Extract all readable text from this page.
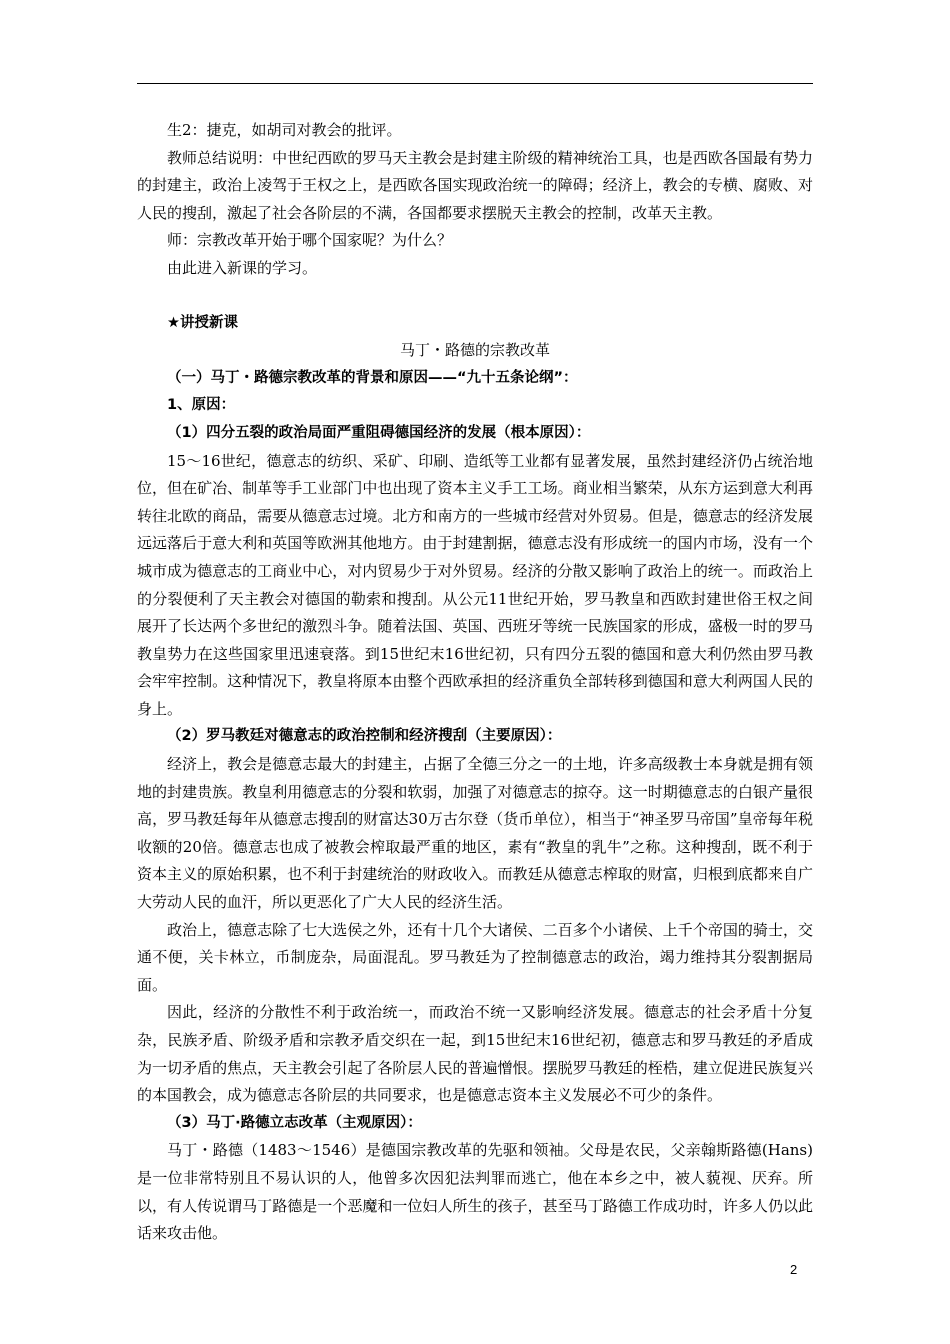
生2：捷克，如胡司对教会的批评。

教师总结说明：中世纪西欧的罗马天主教会是封建主阶级的精神统治工具，也是西欧各国最有势力的封建主，政治上凌驾于王权之上，是西欧各国实现政治统一的障碍；经济上，教会的专横、腐败、对人民的搜刮，激起了社会各阶层的不满，各国都要求摆脱天主教会的控制，改革天主教。

师：宗教改革开始于哪个国家呢？为什么？

由此进入新课的学习。

★讲授新课

马丁・路德的宗教改革

（一）马丁・路德宗教改革的背景和原因——“九十五条论纲”：

1、原因：

（1）四分五裂的政治局面严重阻碍德国经济的发展（根本原因）：

15～16世纪，德意志的纺织、采矿、印刷、造纸等工业都有显著发展，虽然封建经济仍占统治地位，但在矿冶、制革等手工业部门中也出现了资本主义手工工场。商业相当繁荣，从东方运到意大利再转往北欧的商品，需要从德意志过境。北方和南方的一些城市经营对外贸易。但是，德意志的经济发展远远落后于意大利和英国等欧洲其他地方。由于封建割据，德意志没有形成统一的国内市场，没有一个城市成为德意志的工商业中心，对内贸易少于对外贸易。经济的分散又影响了政治上的统一。而政治上的分裂便利了天主教会对德国的勒索和搜刮。从公元11世纪开始，罗马教皇和西欧封建世俗王权之间展开了长达两个多世纪的激烈斗争。随着法国、英国、西班牙等统一民族国家的形成，盛极一时的罗马教皇势力在这些国家里迅速衰落。到15世纪末16世纪初，只有四分五裂的德国和意大利仍然由罗马教会牢牢控制。这种情况下，教皇将原本由整个西欧承担的经济重负全部转移到德国和意大利两国人民的身上。

（2）罗马教廷对德意志的政治控制和经济搜刮（主要原因）：

经济上，教会是德意志最大的封建主，占据了全德三分之一的土地，许多高级教士本身就是拥有领地的封建贵族。教皇利用德意志的分裂和软弱，加强了对德意志的掠夺。这一时期德意志的白银产量很高，罗马教廷每年从德意志搜刮的财富达30万古尔登（货币单位），相当于“神圣罗马帝国”皇帝每年税收额的20倍。德意志也成了被教会榨取最严重的地区，素有“教皇的乳牛”之称。这种搜刮，既不利于资本主义的原始积累，也不利于封建统治的财政收入。而教廷从德意志榨取的财富，归根到底都来自广大劳动人民的血汗，所以更恶化了广大人民的经济生活。

政治上，德意志除了七大选侯之外，还有十几个大诸侯、二百多个小诸侯、上千个帝国的骑士，交通不便，关卡林立，币制庞杂，局面混乱。罗马教廷为了控制德意志的政治，竭力维持其分裂割据局面。

因此，经济的分散性不利于政治统一，而政治不统一又影响经济发展。德意志的社会矛盾十分复杂，民族矛盾、阶级矛盾和宗教矛盾交织在一起，到15世纪末16世纪初，德意志和罗马教廷的矛盾成为一切矛盾的焦点，天主教会引起了各阶层人民的普遍憎恨。摆脱罗马教廷的桎梏，建立促进民族复兴的本国教会，成为德意志各阶层的共同要求，也是德意志资本主义发展必不可少的条件。

（3）马丁·路德立志改革（主观原因）：

马丁・路德（1483～1546）是德国宗教改革的先驱和领袖。父母是农民，父亲翰斯路德(Hans) 是一位非常特别且不易认识的人，他曾多次因犯法判罪而逃亡，他在本乡之中，被人藐视、厌弃。所以，有人传说谓马丁路德是一个恶魔和一位妇人所生的孩子，甚至马丁路德工作成功时，许多人仍以此话来攻击他。

2
